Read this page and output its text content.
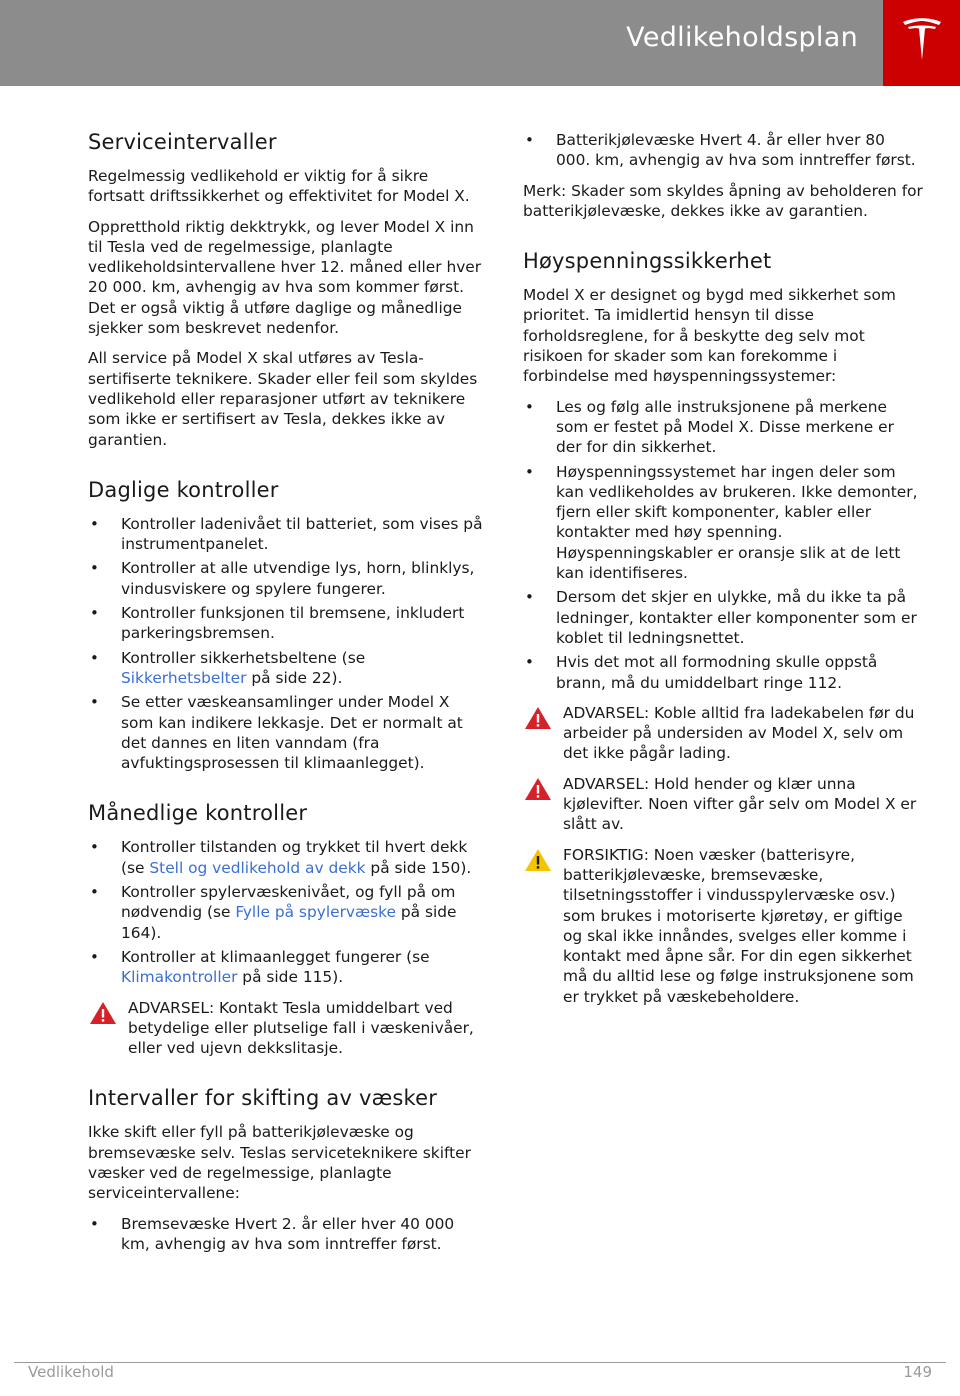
Vedlikeholdsplan
Serviceintervaller

Regelmessig vedlikehold er viktig for å sikre fortsatt driftssikkerhet og effektivitet for Model X.

Oppretthold riktig dekktrykk, og lever Model X inn til Tesla ved de regelmessige, planlagte vedlikeholdsintervallene hver 12. måned eller hver 20 000. km, avhengig av hva som kommer først. Det er også viktig å utføre daglige og månedlige sjekker som beskrevet nedenfor.

All service på Model X skal utføres av Tesla-sertifiserte teknikere. Skader eller feil som skyldes vedlikehold eller reparasjoner utført av teknikere som ikke er sertifisert av Tesla, dekkes ikke av garantien.

Daglige kontroller
• Kontroller ladenivået til batteriet, som vises på instrumentpanelet.
• Kontroller at alle utvendige lys, horn, blinklys, vindusviskere og spylere fungerer.
• Kontroller funksjonen til bremsene, inkludert parkeringsbremsen.
• Kontroller sikkerhetsbeltene (se Sikkerhetsbelter på side 22).
• Se etter væskeansamlinger under Model X som kan indikere lekkasje. Det er normalt at det dannes en liten vanndam (fra avfuktingsprosessen til klimaanlegget).
Månedlige kontroller
• Kontroller tilstanden og trykket til hvert dekk (se Stell og vedlikehold av dekk på side 150).
• Kontroller spylervæskenivået, og fyll på om nødvendig (se Fylle på spylervæske på side 164).
• Kontroller at klimaanlegget fungerer (se Klimakontroller på side 115).
ADVARSEL: Kontakt Tesla umiddelbart ved betydelige eller plutselige fall i væskenivåer, eller ved ujevn dekkslitasje.
Intervaller for skifting av væsker

Ikke skift eller fyll på batterikjølevæske og bremsevæske selv. Teslas serviceteknikere skifter væsker ved de regelmessige, planlagte serviceintervallene:

• Bremsevæske Hvert 2. år eller hver 40 000 km, avhengig av hva som inntreffer først.
• Batterikjølevæske Hvert 4. år eller hver 80 000. km, avhengig av hva som inntreffer først.

Merk: Skader som skyldes åpning av beholderen for batterikjølevæske, dekkes ikke av garantien.

Høyspenningssikkerhet

Model X er designet og bygd med sikkerhet som prioritet. Ta imidlertid hensyn til disse forholdsreglene, for å beskytte deg selv mot risikoen for skader som kan forekomme i forbindelse med høyspenningssystemer:

• Les og følg alle instruksjonene på merkene som er festet på Model X. Disse merkene er der for din sikkerhet.
• Høyspenningssystemet har ingen deler som kan vedlikeholdes av brukeren. Ikke demonter, fjern eller skift komponenter, kabler eller kontakter med høy spenning. Høyspenningskabler er oransje slik at de lett kan identifiseres.
• Dersom det skjer en ulykke, må du ikke ta på ledninger, kontakter eller komponenter som er koblet til ledningsnettet.
• Hvis det mot all formodning skulle oppstå brann, må du umiddelbart ringe 112.
ADVARSEL: Koble alltid fra ladekabelen før du arbeider på undersiden av Model X, selv om det ikke pågår lading.
ADVARSEL: Hold hender og klær unna kjølevifter. Noen vifter går selv om Model X er slått av.
FORSIKTIG: Noen væsker (batterisyre, batterikjølevæske, bremsevæske, tilsetningsstoffer i vindusspylervæske osv.) som brukes i motoriserte kjøretøy, er giftige og skal ikke innåndes, svelges eller komme i kontakt med åpne sår. For din egen sikkerhet må du alltid lese og følge instruksjonene som er trykket på væskebeholdere.
Vedlikehold	149
